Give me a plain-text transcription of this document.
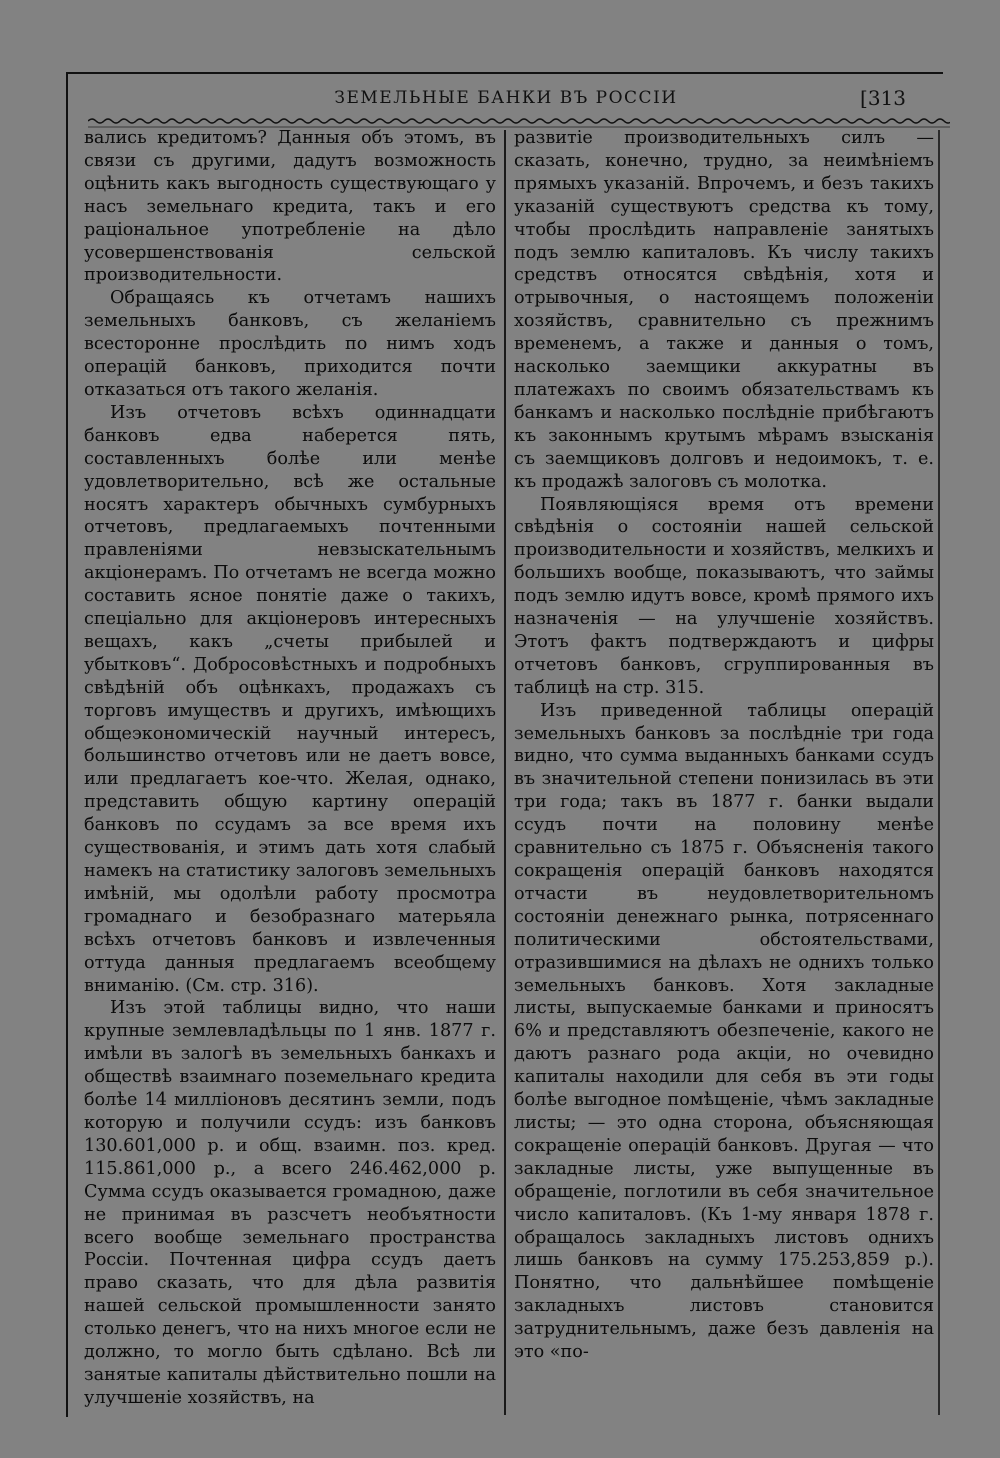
ЗЕМЕЛЬНЫЕ БАНКИ ВЪ РОССІИ	[313

вались кредитомъ? Данныя объ этомъ, въ связи съ другими, дадутъ возможность оцѣнить какъ выгодность существующаго у насъ земельнаго кредита, такъ и его раціональное употребленіе на дѣло усовершенствованія сельской производительности.

Обращаясь къ отчетамъ нашихъ земельныхъ банковъ, съ желаніемъ всесторонне прослѣдить по нимъ ходъ операцій банковъ, приходится почти отказаться отъ такого желанія.

Изъ отчетовъ всѣхъ одиннадцати банковъ едва наберется пять, составленныхъ болѣе или менѣе удовлетворительно, всѣ же остальные носятъ характеръ обычныхъ сумбурныхъ отчетовъ, предлагаемыхъ почтенными правленіями невзыскательнымъ акціонерамъ. По отчетамъ не всегда можно составить ясное понятіе даже о такихъ, спеціально для акціонеровъ интересныхъ вещахъ, какъ „счеты прибылей и убытковъ“. Добросовѣстныхъ и подробныхъ свѣдѣній объ оцѣнкахъ, продажахъ съ торговъ имуществъ и другихъ, имѣющихъ общеэкономическій научный интересъ, большинство отчетовъ или не даетъ вовсе, или предлагаетъ кое-что. Желая, однако, представить общую картину операцій банковъ по ссудамъ за все время ихъ существованія, и этимъ дать хотя слабый намекъ на статистику залоговъ земельныхъ имѣній, мы одолѣли работу просмотра громаднаго и безобразнаго матерьяла всѣхъ отчетовъ банковъ и извлеченныя оттуда данныя предлагаемъ всеобщему вниманію. (См. стр. 316).

Изъ этой таблицы видно, что наши крупные землевладѣльцы по 1 янв. 1877 г. имѣли въ залогѣ въ земельныхъ банкахъ и обществѣ взаимнаго поземельнаго кредита болѣе 14 милліоновъ десятинъ земли, подъ которую и получили ссудъ: изъ банковъ 130.601,000 р. и общ. взаимн. поз. кред. 115.861,000 р., а всего 246.462,000 р. Сумма ссудъ оказывается громадною, даже не принимая въ разсчетъ необъятности всего вообще земельнаго пространства Россіи. Почтенная цифра ссудъ даетъ право сказать, что для дѣла развитія нашей сельской промышленности занято столько денегъ, что на нихъ многое если не должно, то могло быть сдѣлано. Всѣ ли занятые капиталы дѣйствительно пошли на улучшеніе хозяйствъ, на

развитіе производительныхъ силъ — сказать, конечно, трудно, за неимѣніемъ прямыхъ указаній. Впрочемъ, и безъ такихъ указаній существуютъ средства къ тому, чтобы прослѣдить направленіе занятыхъ подъ землю капиталовъ. Къ числу такихъ средствъ относятся свѣдѣнія, хотя и отрывочныя, о настоящемъ положеніи хозяйствъ, сравнительно съ прежнимъ временемъ, а также и данныя о томъ, насколько заемщики аккуратны въ платежахъ по своимъ обязательствамъ къ банкамъ и насколько послѣдніе прибѣгаютъ къ законнымъ крутымъ мѣрамъ взысканія съ заемщиковъ долговъ и недоимокъ, т. е. къ продажѣ залоговъ съ молотка.

Появляющіяся время отъ времени свѣдѣнія о состояніи нашей сельской производительности и хозяйствъ, мелкихъ и большихъ вообще, показываютъ, что займы подъ землю идутъ вовсе, кромѣ прямого ихъ назначенія — на улучшеніе хозяйствъ. Этотъ фактъ подтверждаютъ и цифры отчетовъ банковъ, сгруппированныя въ таблицѣ на стр. 315.

Изъ приведенной таблицы операцій земельныхъ банковъ за послѣдніе три года видно, что сумма выданныхъ банками ссудъ въ значительной степени понизилась въ эти три года; такъ въ 1877 г. банки выдали ссудъ почти на половину менѣе сравнительно съ 1875 г. Объясненія такого сокращенія операцій банковъ находятся отчасти въ неудовлетворительномъ состояніи денежнаго рынка, потрясеннаго политическими обстоятельствами, отразившимися на дѣлахъ не однихъ только земельныхъ банковъ. Хотя закладные листы, выпускаемые банками и приносятъ 6% и представляютъ обезпеченіе, какого не даютъ разнаго рода акціи, но очевидно капиталы находили для себя въ эти годы болѣе выгодное помѣщеніе, чѣмъ закладные листы; — это одна сторона, объясняющая сокращеніе операцій банковъ. Другая — что закладные листы, уже выпущенные въ обращеніе, поглотили въ себя значительное число капиталовъ. (Къ 1-му января 1878 г. обращалось закладныхъ листовъ однихъ лишь банковъ на сумму 175.253,859 р.). Понятно, что дальнѣйшее помѣщеніе закладныхъ листовъ становится затруднительнымъ, даже безъ давленія на это «по-
